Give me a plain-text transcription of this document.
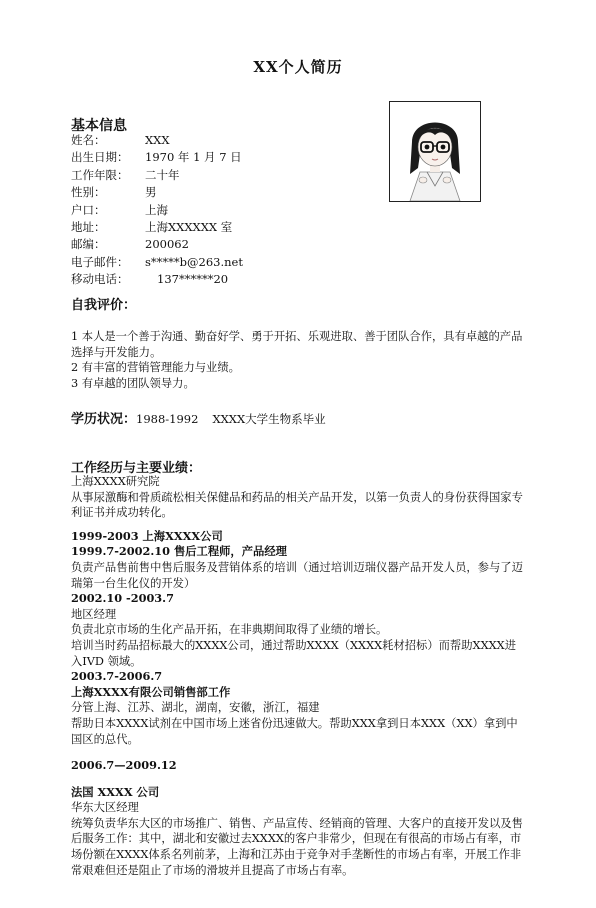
XX个人简历
基本信息
姓名：	XXX
出生日期： 1970 年 1 月 7 日
工作年限： 二十年
性别：	男
户口：	上海
地址：	上海XXXXXX 室
邮编：	200062
电子邮件： s*****b@263.net
移动电话： 137******20
自我评价：

1 本人是一个善于沟通、勤奋好学、勇于开拓、乐观进取、善于团队合作，具有卓越的产品选择与开发能力。

2 有丰富的营销管理能力与业绩。

3 有卓越的团队领导力。

学历状况：1988-1992 XXXX大学生物系毕业
工作经历与主要业绩：

上海XXXX研究院

从事尿激酶和骨质疏松相关保健品和药品的相关产品开发，以第一负责人的身份获得国家专利证书并成功转化。

1999-2003 上海XXXX公司

1999.7-2002.10 售后工程师，产品经理

负责产品售前售中售后服务及营销体系的培训（通过培训迈瑞仪器产品开发人员，参与了迈瑞第一台生化仪的开发）

2002.10 -2003.7

地区经理

负责北京市场的生化产品开拓，在非典期间取得了业绩的增长。

培训当时药品招标最大的XXXX公司，通过帮助XXXX（XXXX耗材招标）而帮助XXXX进入IVD 领域。

2003.7-2006.7

上海XXXX有限公司销售部工作

分管上海、江苏、湖北，湖南，安徽，浙江，福建

帮助日本XXXX试剂在中国市场上迷省份迅速做大。帮助XXX拿到日本XXX（XX）拿到中国区的总代。

2006.7—2009.12

法国 XXXX 公司

华东大区经理

统筹负责华东大区的市场推广、销售、产品宣传、经销商的管理、大客户的直接开发以及售后服务工作：其中，湖北和安徽过去XXXX的客户非常少，但现在有很高的市场占有率，市场份额在XXXX体系名列前茅，上海和江苏由于竞争对手垄断性的市场占有率，开展工作非常艰难但还是阻止了市场的滑坡并且提高了市场占有率。
